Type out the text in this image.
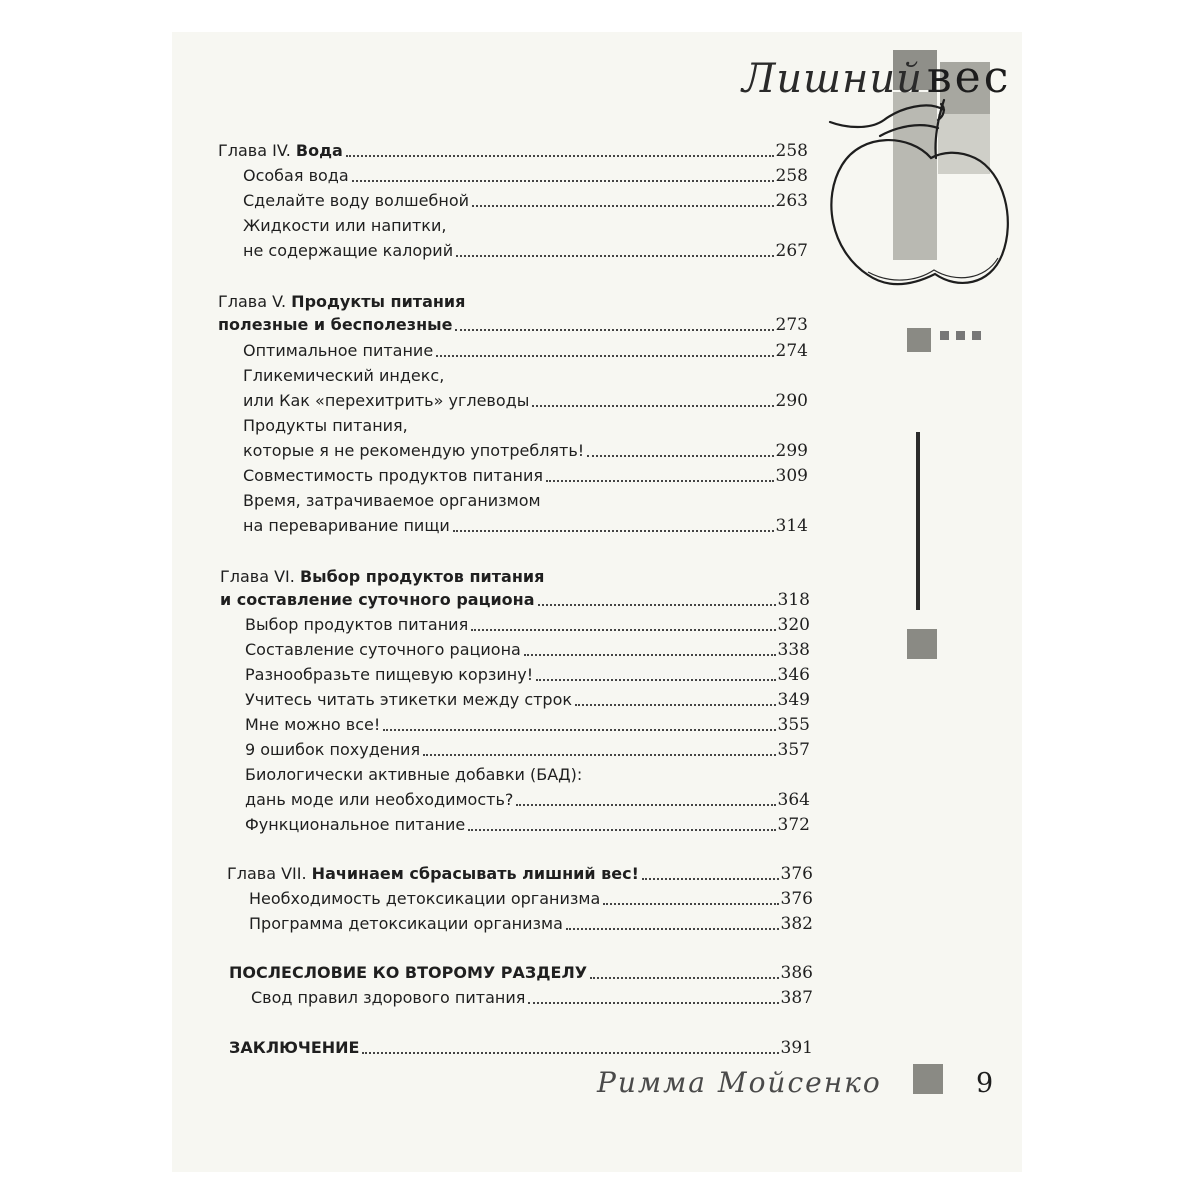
Лишнийвес
Глава IV. Вода	258
Особая вода	258
Сделайте воду волшебной	263
Жидкости или напитки,
не содержащие калорий	267
Глава V. Продукты питания
полезные и бесполезные	273
Оптимальное питание	274
Гликемический индекс,
или Как «перехитрить» углеводы	290
Продукты питания,
которые я не рекомендую употреблять!	299
Совместимость продуктов питания	309
Время, затрачиваемое организмом
на переваривание пищи	314
Глава VI. Выбор продуктов питания
и составление суточного рациона	318
Выбор продуктов питания	320
Составление суточного рациона	338
Разнообразьте пищевую корзину!	346
Учитесь читать этикетки между строк	349
Мне можно все!	355
9 ошибок похудения	357
Биологически активные добавки (БАД):
дань моде или необходимость?	364
Функциональное питание	372
Глава VII. Начинаем сбрасывать лишний вес!	376
Необходимость детоксикации организма	376
Программа детоксикации организма	382
ПОСЛЕСЛОВИЕ КО ВТОРОМУ РАЗДЕЛУ	386
Свод правил здорового питания	387
ЗАКЛЮЧЕНИЕ	391
Римма Мойсенко	9
